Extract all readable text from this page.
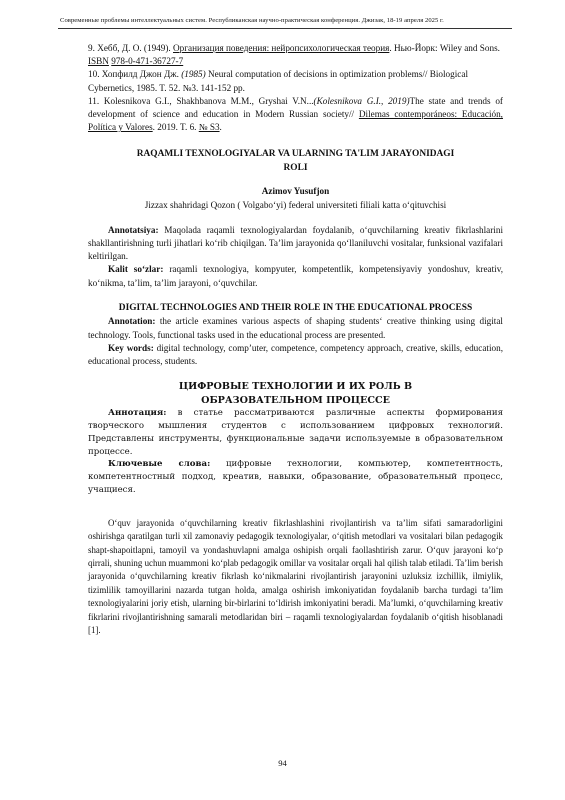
Современные проблемы интеллектуальных систем. Республиканская научно-практическая конференция. Джизак, 18-19 апреля 2025 г.

9. Хебб, Д. О. (1949). Организация поведения: нейропсихологическая теория. Нью-Йорк: Wiley and Sons. ISBN 978-0-471-36727-7

10. Хопфилд Джон Дж. (1985) Neural computation of decisions in optimization problems// Biological Cybernetics, 1985. T. 52. №3. 141-152 pp.

11. Kolesnikova G.I., Shakhbanova M.M., Gryshai V.N...(Kolesnikova G.I., 2019)The state and trends of development of science and education in Modern Russian society// Dilemas contemporáneos: Educación, Política y Valores. 2019. T. 6. № S3.

RAQAMLI TEXNOLOGIYALAR VA ULARNING TA'LIM JARAYONIDAGI ROLI

Azimov Yusufjon

Jizzax shahridagi Qozon ( Volgabo‘yi) federal universiteti filiali katta o‘qituvchisi

Annotatsiya: Maqolada raqamli texnologiyalardan foydalanib, o‘quvchilarning kreativ fikrlashlarini shakllantirishning turli jihatlari ko‘rib chiqilgan. Ta’lim jarayonida qo‘llaniluvchi vositalar, funksional vazifalari keltirilgan.

Kalit so‘zlar: raqamli texnologiya, kompyuter, kompetentlik, kompetensiyaviy yondoshuv, kreativ, ko‘nikma, ta’lim, ta’lim jarayoni, o‘quvchilar.

DIGITAL TECHNOLOGIES AND THEIR ROLE IN THE EDUCATIONAL PROCESS

Annotation: the article examines various aspects of shaping students‘ creative thinking using digital technology. Tools, functional tasks used in the educational process are presented.

Key words: digital technology, comp’uter, competence, competency approach, creative, skills, education, educational process, students.

ЦИФРОВЫЕ ТЕХНОЛОГИИ И ИХ РОЛЬ В ОБРАЗОВАТЕЛЬНОМ ПРОЦЕССЕ

Аннотация: в статье рассматриваются различные аспекты формирования творческого мышления студентов с использованием цифровых технологий. Представлены инструменты, функциональные задачи используемые в образовательном процессе.

Ключевые слова: цифровые технологии, компьютер, компетентность, компетентностный подход, креатив, навыки, образование, образовательный процесс, учащиеся.

O‘quv jarayonida o‘quvchilarning kreativ fikrlashlashini rivojlantirish va ta’lim sifati samaradorligini oshirishga qaratilgan turli xil zamonaviy pedagogik texnologiyalar, o‘qitish metodlari va vositalari bilan pedagogik shapt-shapoitlapni, tamoyil va yondashuvlapni amalga oshipish orqali faollashtirish zarur. O‘quv jarayoni ko‘p qirrali, shuning uchun muammoni ko‘plab pedagogik omillar va vositalar orqali hal qilish talab etiladi. Ta’lim berish jarayonida o‘quvchilarning kreativ fikrlash ko‘nikmalarini rivojlantirish jarayonini uzluksiz izchillik, ilmiylik, tizimlilik tamoyillarini nazarda tutgan holda, amalga oshirish imkoniyatidan foydalanib barcha turdagi ta’lim texnologiyalarini joriy etish, ularning bir-birlarini to‘ldirish imkoniyatini beradi. Ma’lumki, o‘quvchilarning kreativ fikrlarini rivojlantirishning samarali metodlaridan biri – raqamli texnologiyalardan foydalanib o‘qitish hisoblanadi [1].

94
